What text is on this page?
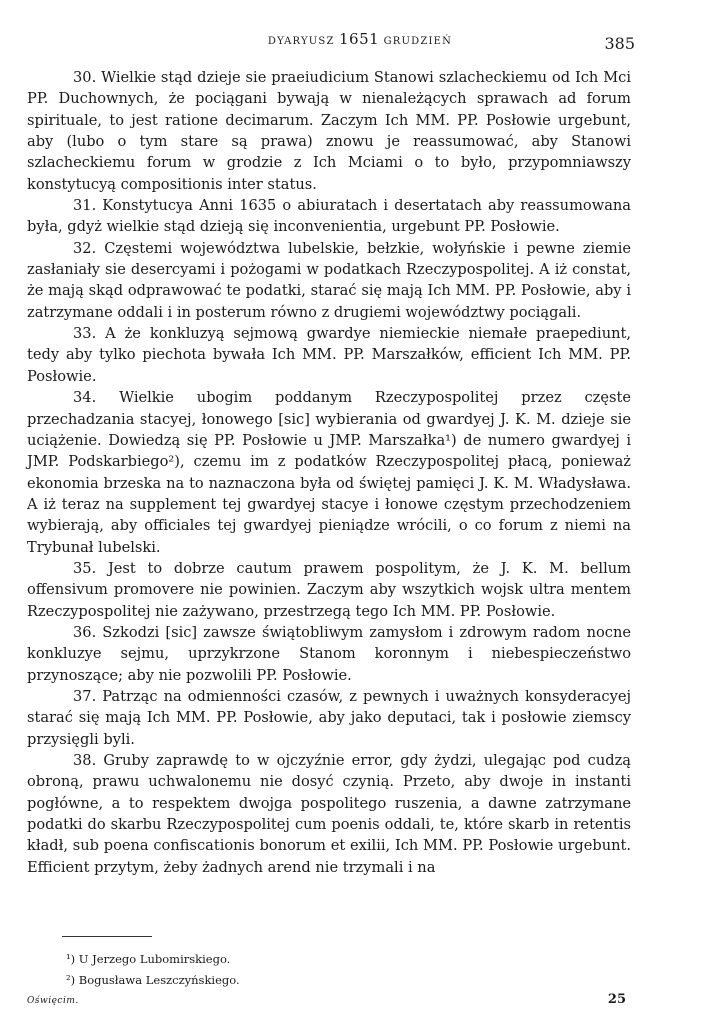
DYARYUSZ 1651 GRUDZIEŃ	385

30. Wielkie stąd dzieje sie praeiudicium Stanowi szlacheckiemu od Ich Mci PP. Duchownych, że pociągani bywają w nienależących sprawach ad forum spirituale, to jest ratione decimarum. Zaczym Ich MM. PP. Posłowie urgebunt, aby (lubo o tym stare są prawa) znowu je reassumować, aby Stanowi szlacheckiemu forum w grodzie z Ich Mciami o to było, przypomniawszy konstytucyą compositionis inter status.

31. Konstytucya Anni 1635 o abiuratach i desertatach aby reassumowana była, gdyż wielkie stąd dzieją się inconvenientia, urgebunt PP. Posłowie.

32. Częstemi województwa lubelskie, bełzkie, wołyńskie i pewne ziemie zasłaniały sie desercyami i pożogami w podatkach Rzeczypospolitej. A iż constat, że mają skąd odprawować te podatki, starać się mają Ich MM. PP. Posłowie, aby i zatrzymane oddali i in posterum równo z drugiemi województwy pociągali.

33. A że konkluzyą sejmową gwardye niemieckie niemałe praepediunt, tedy aby tylko piechota bywała Ich MM. PP. Marszałków, efficient Ich MM. PP. Posłowie.

34. Wielkie ubogim poddanym Rzeczypospolitej przez częste przechadzania stacyej, łonowego [sic] wybierania od gwardyej J. K. M. dzieje sie uciążenie. Dowiedzą się PP. Posłowie u JMP. Marszałka¹) de numero gwardyej i JMP. Podskarbiego²), czemu im z podatków Rzeczypospolitej płacą, ponieważ ekonomia brzeska na to naznaczona była od świętej pamięci J. K. M. Władysława. A iż teraz na supplement tej gwardyej stacye i łonowe częstym przechodzeniem wybierają, aby officiales tej gwardyej pieniądze wrócili, o co forum z niemi na Trybunał lubelski.

35. Jest to dobrze cautum prawem pospolitym, że J. K. M. bellum offensivum promovere nie powinien. Zaczym aby wszytkich wojsk ultra mentem Rzeczypospolitej nie zażywano, przestrzegą tego Ich MM. PP. Posłowie.

36. Szkodzi [sic] zawsze świątobliwym zamysłom i zdrowym radom nocne konkluzye sejmu, uprzykrzone Stanom koronnym i niebespieczeństwo przynoszące; aby nie pozwolili PP. Posłowie.

37. Patrząc na odmienności czasów, z pewnych i uważnych konsyderacyej starać się mają Ich MM. PP. Posłowie, aby jako deputaci, tak i posłowie ziemscy przysięgli byli.

38. Gruby zaprawdę to w ojczyźnie error, gdy żydzi, ulegając pod cudzą obroną, prawu uchwalonemu nie dosyć czynią. Przeto, aby dwoje in instanti pogłówne, a to respektem dwojga pospolitego ruszenia, a dawne zatrzymane podatki do skarbu Rzeczypospolitej cum poenis oddali, te, które skarb in retentis kładł, sub poena confiscationis bonorum et exilii, Ich MM. PP. Posłowie urgebunt. Efficient przytym, żeby żadnych arend nie trzymali i na

¹) U Jerzego Lubomirskiego.
²) Bogusława Leszczyńskiego.
Oświęcim.	25
